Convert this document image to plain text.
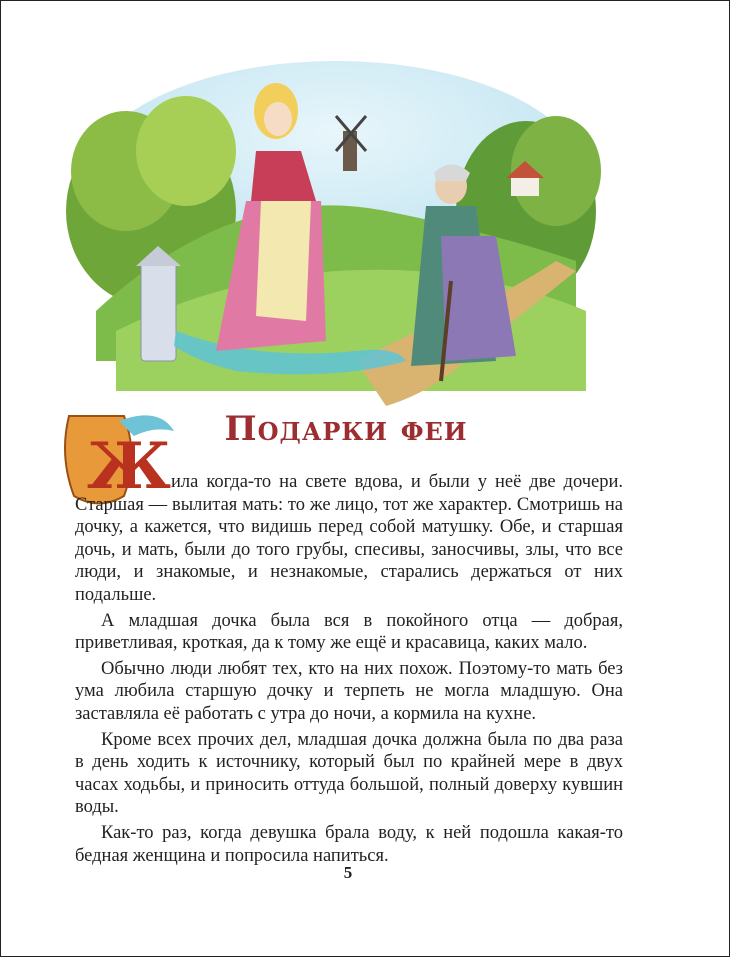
Ж	Подарки феи

ила когда-то на свете вдова, и были у неё две дочери. Старшая — вылитая мать: то же лицо, тот же характер. Смотришь на дочку, а кажется, что видишь перед собой матушку. Обе, и старшая дочь, и мать, были до того грубы, спесивы, заносчивы, злы, что все люди, и знакомые, и незнакомые, старались держаться от них подальше.

А младшая дочка была вся в покойного отца — добрая, приветливая, кроткая, да к тому же ещё и красавица, каких мало.

Обычно люди любят тех, кто на них похож. Поэтому-то мать без ума любила старшую дочку и терпеть не могла младшую. Она заставляла её работать с утра до ночи, а кормила на кухне.

Кроме всех прочих дел, младшая дочка должна была по два раза в день ходить к источнику, который был по крайней мере в двух часах ходьбы, и приносить оттуда большой, полный доверху кувшин воды.

Как-то раз, когда девушка брала воду, к ней подошла какая-то бедная женщина и попросила напиться.

5
